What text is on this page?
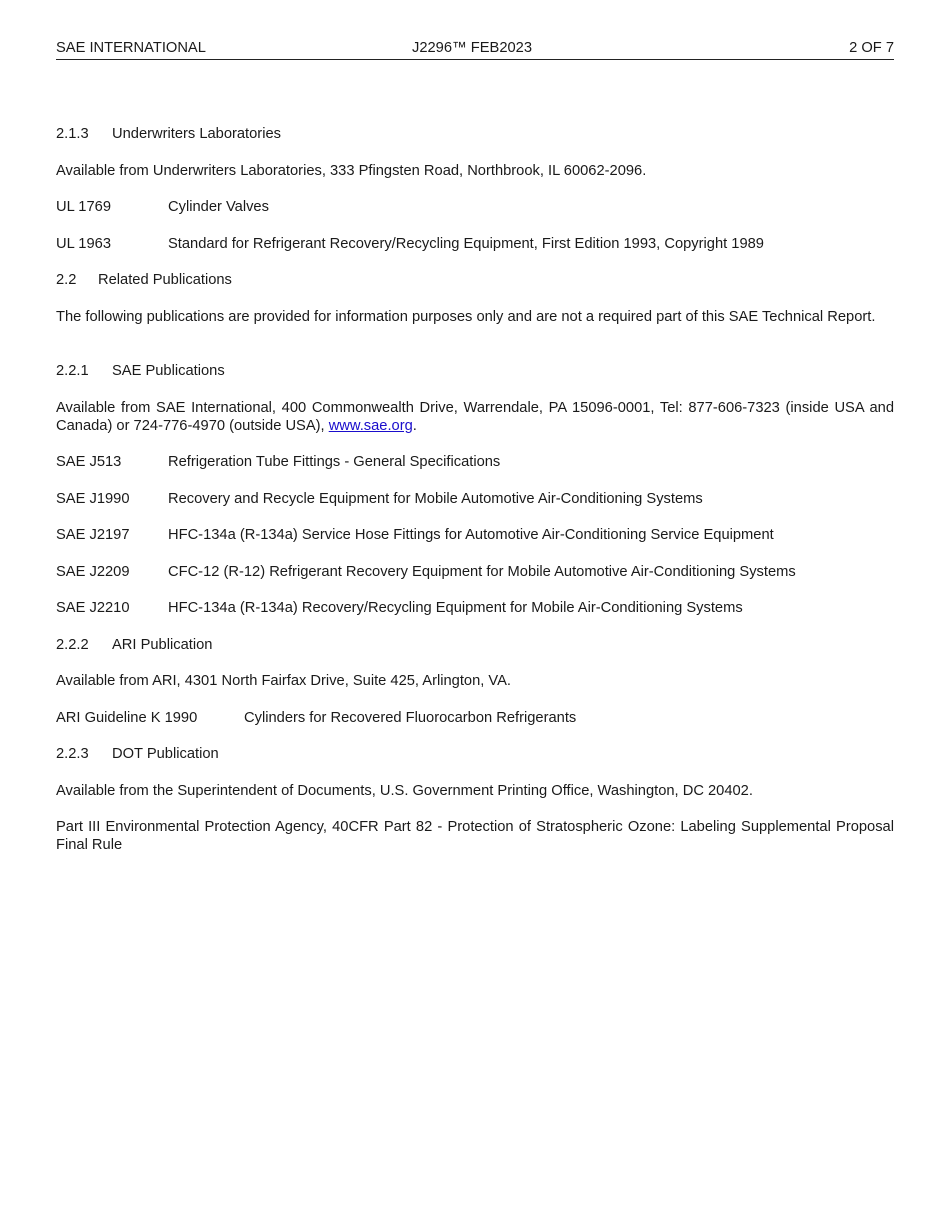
SAE INTERNATIONAL	J2296™ FEB2023	2 OF 7
2.1.3 Underwriters Laboratories
Available from Underwriters Laboratories, 333 Pfingsten Road, Northbrook, IL 60062-2096.
UL 1769	Cylinder Valves
UL 1963	Standard for Refrigerant Recovery/Recycling Equipment, First Edition 1993, Copyright 1989
2.2 Related Publications
The following publications are provided for information purposes only and are not a required part of this SAE Technical Report.
2.2.1 SAE Publications
Available from SAE International, 400 Commonwealth Drive, Warrendale, PA 15096-0001, Tel: 877-606-7323 (inside USA and Canada) or 724-776-4970 (outside USA), www.sae.org.
SAE J513	Refrigeration Tube Fittings - General Specifications
SAE J1990	Recovery and Recycle Equipment for Mobile Automotive Air-Conditioning Systems
SAE J2197	HFC-134a (R-134a) Service Hose Fittings for Automotive Air-Conditioning Service Equipment
SAE J2209	CFC-12 (R-12) Refrigerant Recovery Equipment for Mobile Automotive Air-Conditioning Systems
SAE J2210	HFC-134a (R-134a) Recovery/Recycling Equipment for Mobile Air-Conditioning Systems
2.2.2 ARI Publication
Available from ARI, 4301 North Fairfax Drive, Suite 425, Arlington, VA.
ARI Guideline K 1990	Cylinders for Recovered Fluorocarbon Refrigerants
2.2.3 DOT Publication
Available from the Superintendent of Documents, U.S. Government Printing Office, Washington, DC 20402.
Part III Environmental Protection Agency, 40CFR Part 82 - Protection of Stratospheric Ozone: Labeling Supplemental Proposal Final Rule
